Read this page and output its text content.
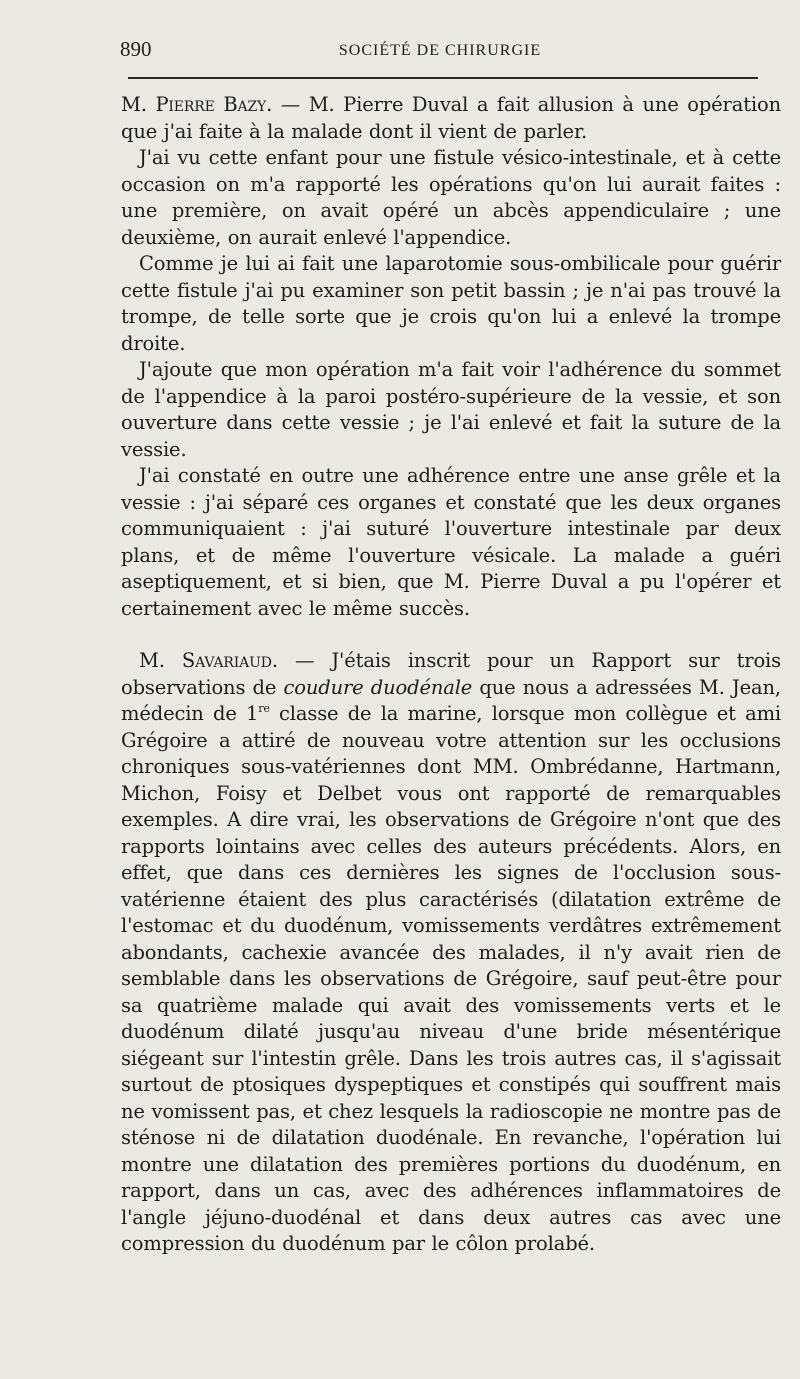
890	SOCIÉTÉ DE CHIRURGIE

M. Pierre Bazy. — M. Pierre Duval a fait allusion à une opération que j'ai faite à la malade dont il vient de parler.

J'ai vu cette enfant pour une fistule vésico-intestinale, et à cette occasion on m'a rapporté les opérations qu'on lui aurait faites : une première, on avait opéré un abcès appendiculaire ; une deuxième, on aurait enlevé l'appendice.

Comme je lui ai fait une laparotomie sous-ombilicale pour guérir cette fistule j'ai pu examiner son petit bassin ; je n'ai pas trouvé la trompe, de telle sorte que je crois qu'on lui a enlevé la trompe droite.

J'ajoute que mon opération m'a fait voir l'adhérence du sommet de l'appendice à la paroi postéro-supérieure de la vessie, et son ouverture dans cette vessie ; je l'ai enlevé et fait la suture de la vessie.

J'ai constaté en outre une adhérence entre une anse grêle et la vessie : j'ai séparé ces organes et constaté que les deux organes communiquaient : j'ai suturé l'ouverture intestinale par deux plans, et de même l'ouverture vésicale. La malade a guéri aseptiquement, et si bien, que M. Pierre Duval a pu l'opérer et certainement avec le même succès.

M. Savariaud. — J'étais inscrit pour un Rapport sur trois observations de coudure duodénale que nous a adressées M. Jean, médecin de 1re classe de la marine, lorsque mon collègue et ami Grégoire a attiré de nouveau votre attention sur les occlusions chroniques sous-vatériennes dont MM. Ombrédanne, Hartmann, Michon, Foisy et Delbet vous ont rapporté de remarquables exemples. A dire vrai, les observations de Grégoire n'ont que des rapports lointains avec celles des auteurs précédents. Alors, en effet, que dans ces dernières les signes de l'occlusion sous-vatérienne étaient des plus caractérisés (dilatation extrême de l'estomac et du duodénum, vomissements verdâtres extrêmement abondants, cachexie avancée des malades, il n'y avait rien de semblable dans les observations de Grégoire, sauf peut-être pour sa quatrième malade qui avait des vomissements verts et le duodénum dilaté jusqu'au niveau d'une bride mésentérique siégeant sur l'intestin grêle. Dans les trois autres cas, il s'agissait surtout de ptosiques dyspeptiques et constipés qui souffrent mais ne vomissent pas, et chez lesquels la radioscopie ne montre pas de sténose ni de dilatation duodénale. En revanche, l'opération lui montre une dilatation des premières portions du duodénum, en rapport, dans un cas, avec des adhérences inflammatoires de l'angle jéjuno-duodénal et dans deux autres cas avec une compression du duodénum par le côlon prolabé.
